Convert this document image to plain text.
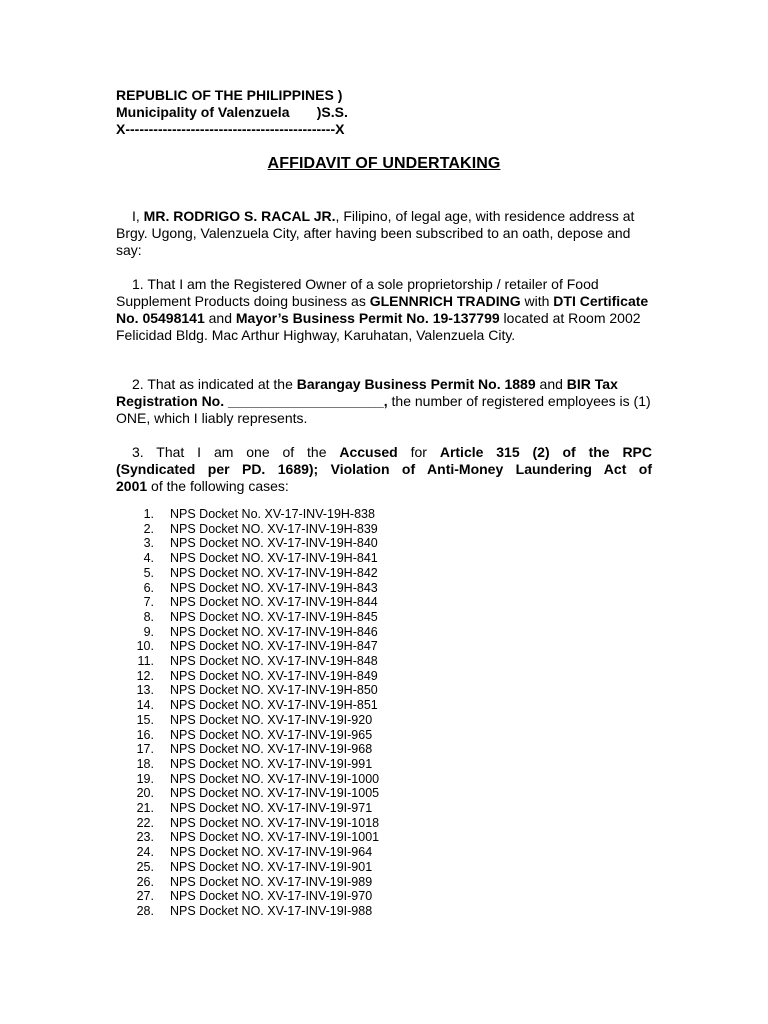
REPUBLIC OF THE PHILIPPINES )
Municipality of Valenzuela       )S.S.
X---------------------------------------------X
AFFIDAVIT OF UNDERTAKING
I, MR. RODRIGO S. RACAL JR., Filipino, of legal age, with residence address at Brgy. Ugong, Valenzuela City, after having been subscribed to an oath, depose and say:
1. That I am the Registered Owner of a sole proprietorship / retailer of Food Supplement Products doing business as GLENNRICH TRADING with DTI Certificate No. 05498141 and Mayor’s Business Permit No. 19-137799 located at Room 2002 Felicidad Bldg. Mac Arthur Highway, Karuhatan, Valenzuela City.
2. That as indicated at the Barangay Business Permit No. 1889 and BIR Tax Registration No. ____________________, the number of registered employees is (1) ONE, which I liably represents.
3. That I am one of the Accused for Article 315 (2) of the RPC
(Syndicated per PD. 1689); Violation of Anti-Money Laundering Act of
2001 of the following cases:
1.	NPS Docket No. XV-17-INV-19H-838
2.	NPS Docket NO. XV-17-INV-19H-839
3.	NPS Docket NO. XV-17-INV-19H-840
4.	NPS Docket NO. XV-17-INV-19H-841
5.	NPS Docket NO. XV-17-INV-19H-842
6.	NPS Docket NO. XV-17-INV-19H-843
7.	NPS Docket NO. XV-17-INV-19H-844
8.	NPS Docket NO. XV-17-INV-19H-845
9.	NPS Docket NO. XV-17-INV-19H-846
10.	NPS Docket NO. XV-17-INV-19H-847
11.	NPS Docket NO. XV-17-INV-19H-848
12.	NPS Docket NO. XV-17-INV-19H-849
13.	NPS Docket NO. XV-17-INV-19H-850
14.	NPS Docket NO. XV-17-INV-19H-851
15.	NPS Docket NO. XV-17-INV-19I-920
16.	NPS Docket NO. XV-17-INV-19I-965
17.	NPS Docket NO. XV-17-INV-19I-968
18.	NPS Docket NO. XV-17-INV-19I-991
19.	NPS Docket NO. XV-17-INV-19I-1000
20.	NPS Docket NO. XV-17-INV-19I-1005
21.	NPS Docket NO. XV-17-INV-19I-971
22.	NPS Docket NO. XV-17-INV-19I-1018
23.	NPS Docket NO. XV-17-INV-19I-1001
24.	NPS Docket NO. XV-17-INV-19I-964
25.	NPS Docket NO. XV-17-INV-19I-901
26.	NPS Docket NO. XV-17-INV-19I-989
27.	NPS Docket NO. XV-17-INV-19I-970
28.	NPS Docket NO. XV-17-INV-19I-988
